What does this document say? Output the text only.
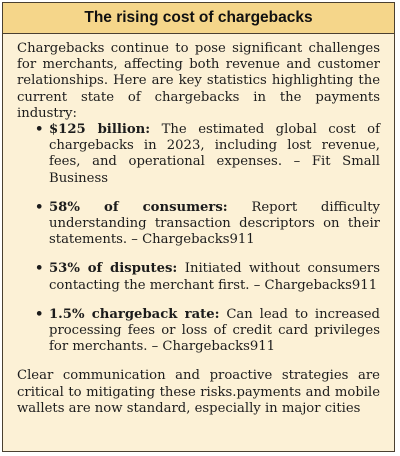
The rising cost of chargebacks

Chargebacks continue to pose significant challenges for merchants, affecting both revenue and customer relationships. Here are key statistics highlighting the current state of chargebacks in the payments industry:

• $125 billion: The estimated global cost of chargebacks in 2023, including lost revenue, fees, and operational expenses. – Fit Small Business
• 58% of consumers: Report difficulty understanding transaction descriptors on their statements. – Chargebacks911
• 53% of disputes: Initiated without consumers contacting the merchant first. – Chargebacks911
• 1.5% chargeback rate: Can lead to increased processing fees or loss of credit card privileges for merchants. – Chargebacks911

Clear communication and proactive strategies are critical to mitigating these risks.payments and mobile wallets are now standard, especially in major cities
